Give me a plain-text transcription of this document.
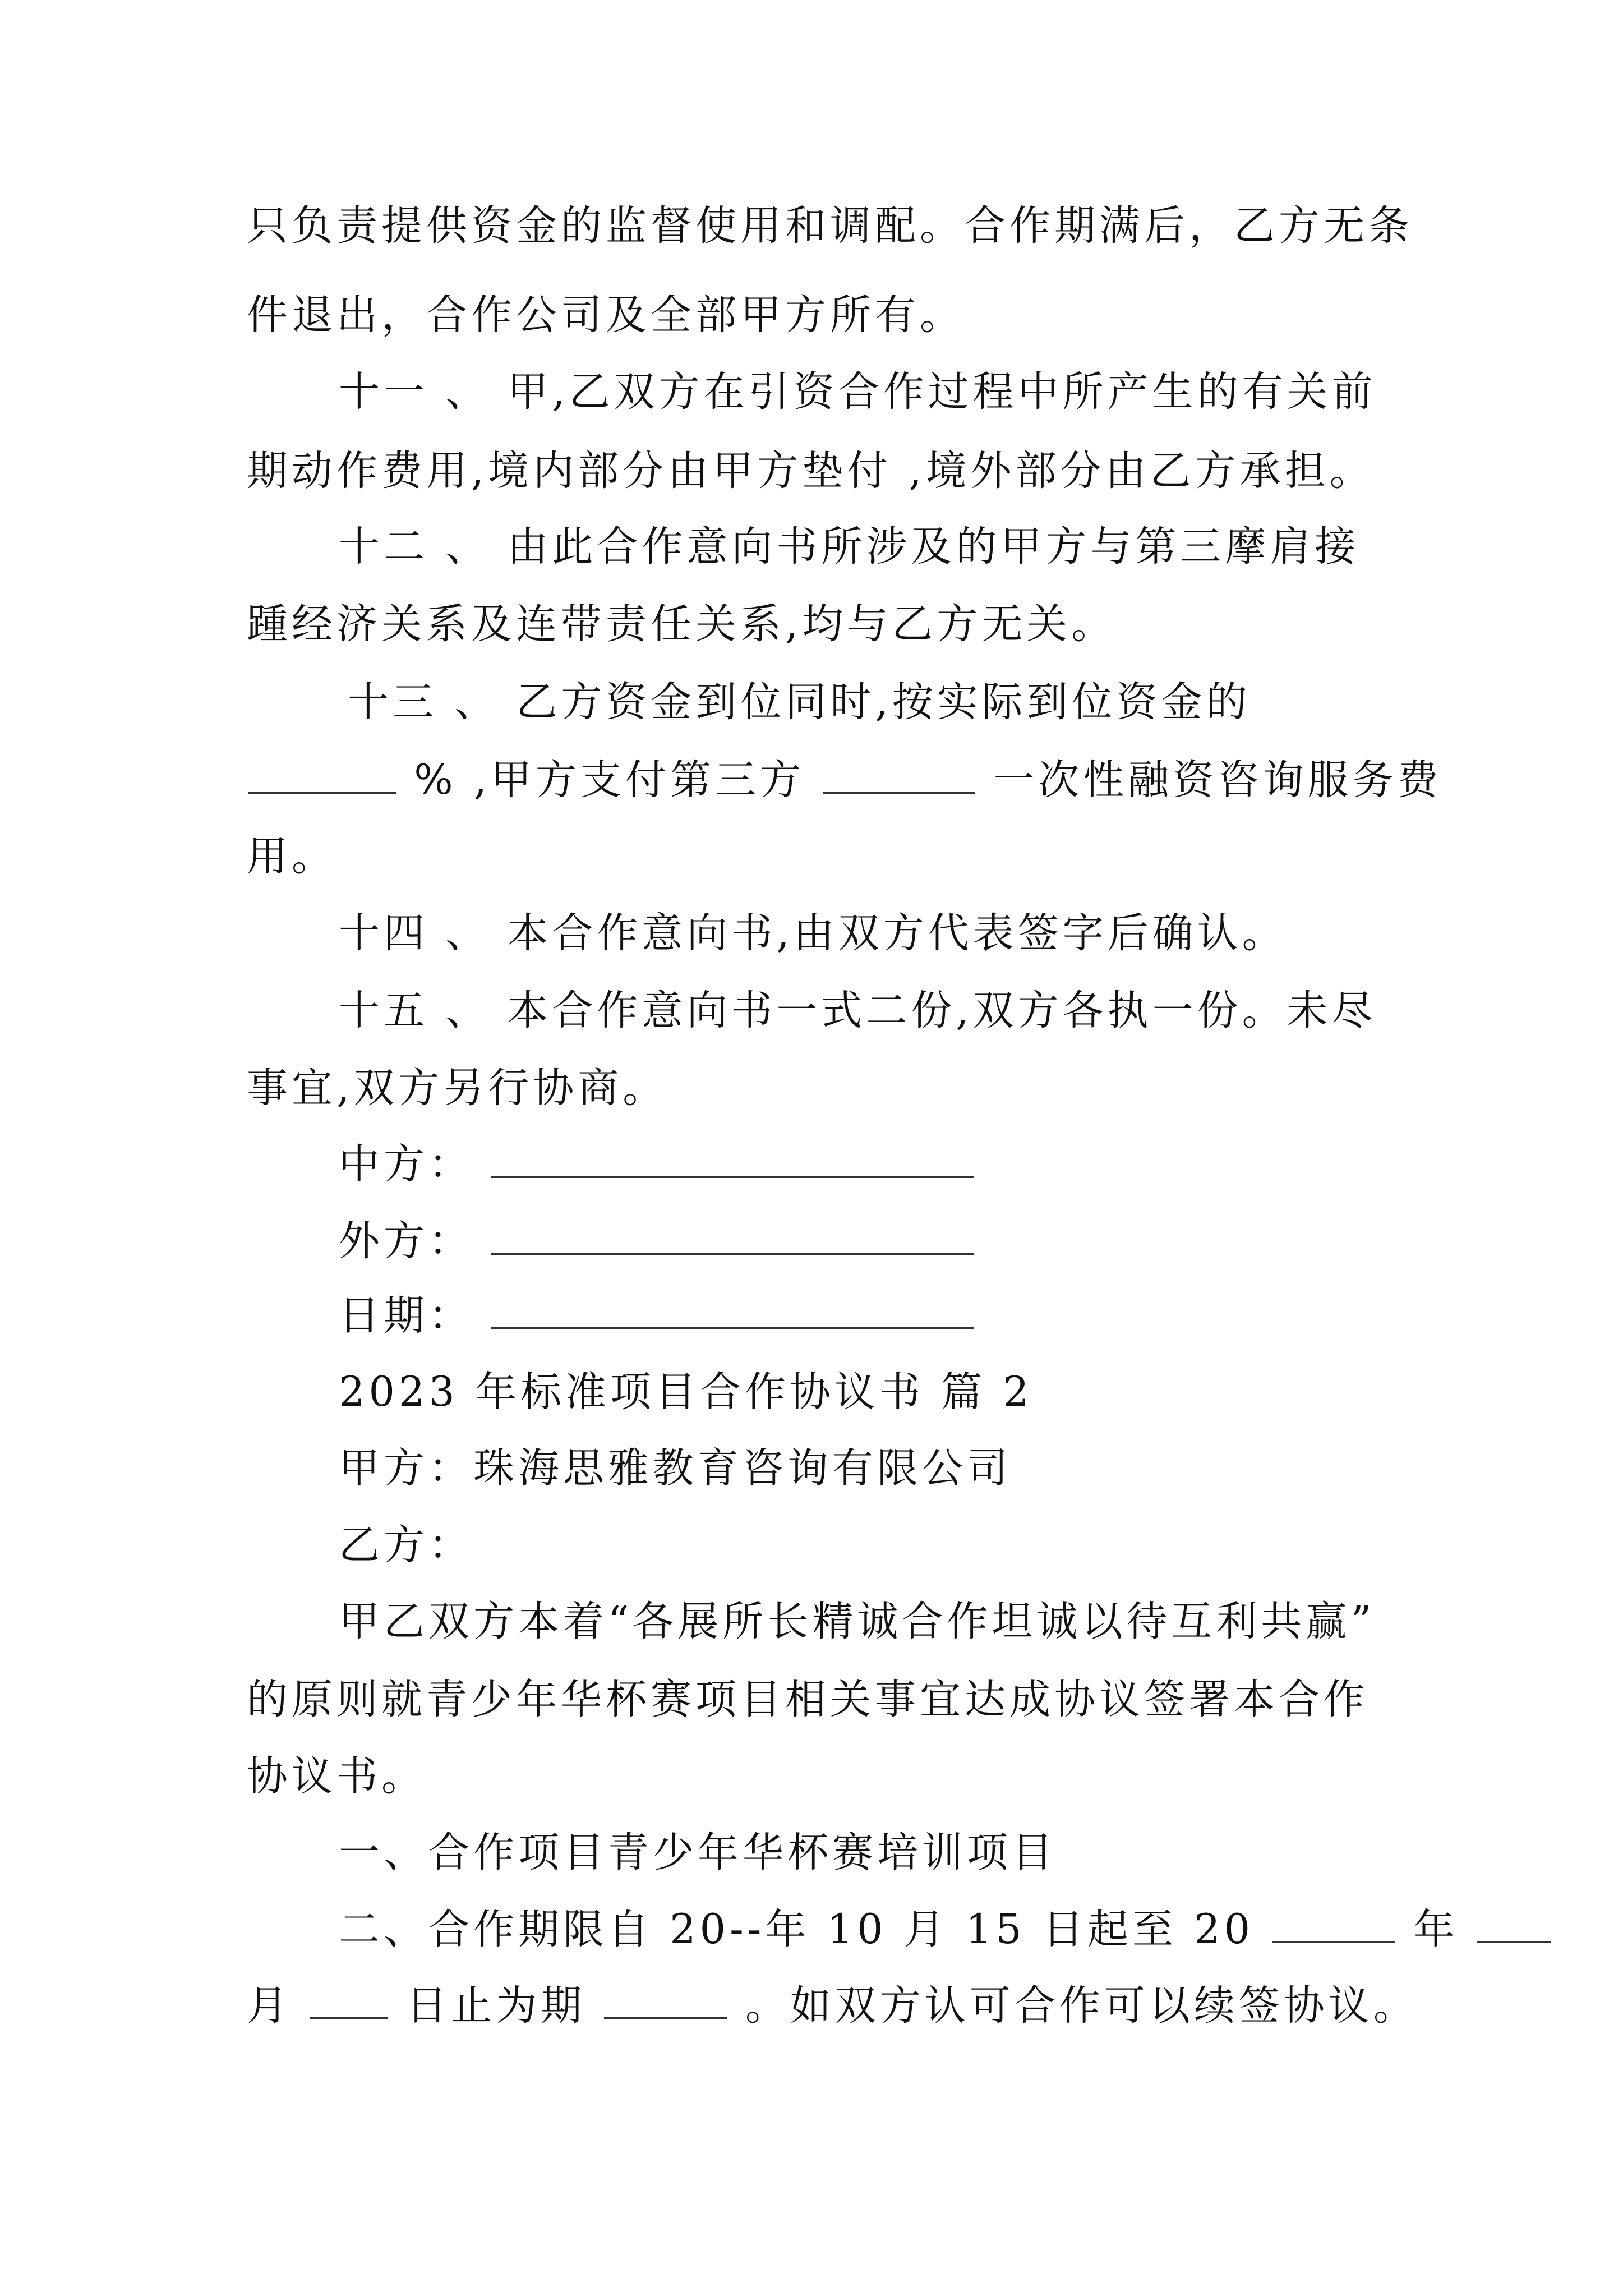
只负责提供资金的监督使用和调配。合作期满后，乙方无条

件退出，合作公司及全部甲方所有。

十一 、 甲,乙双方在引资合作过程中所产生的有关前

期动作费用,境内部分由甲方垫付 ,境外部分由乙方承担。

十二 、 由此合作意向书所涉及的甲方与第三摩肩接

踵经济关系及连带责任关系,均与乙方无关。

十三 、 乙方资金到位同时,按实际到位资金的

% ,甲方支付第三方	一次性融资咨询服务费

用。

十四 、 本合作意向书,由双方代表签字后确认。

十五 、 本合作意向书一式二份,双方各执一份。未尽

事宜,双方另行协商。

中方：

外方：

日期：

2023 年标准项目合作协议书 篇 2

甲方：珠海思雅教育咨询有限公司

乙方：

甲乙双方本着“各展所长精诚合作坦诚以待互利共赢”

的原则就青少年华杯赛项目相关事宜达成协议签署本合作

协议书。

一、合作项目青少年华杯赛培训项目

二、合作期限自 20--年 10 月 15 日起至 20	年

月	日止为期	。如双方认可合作可以续签协议。
